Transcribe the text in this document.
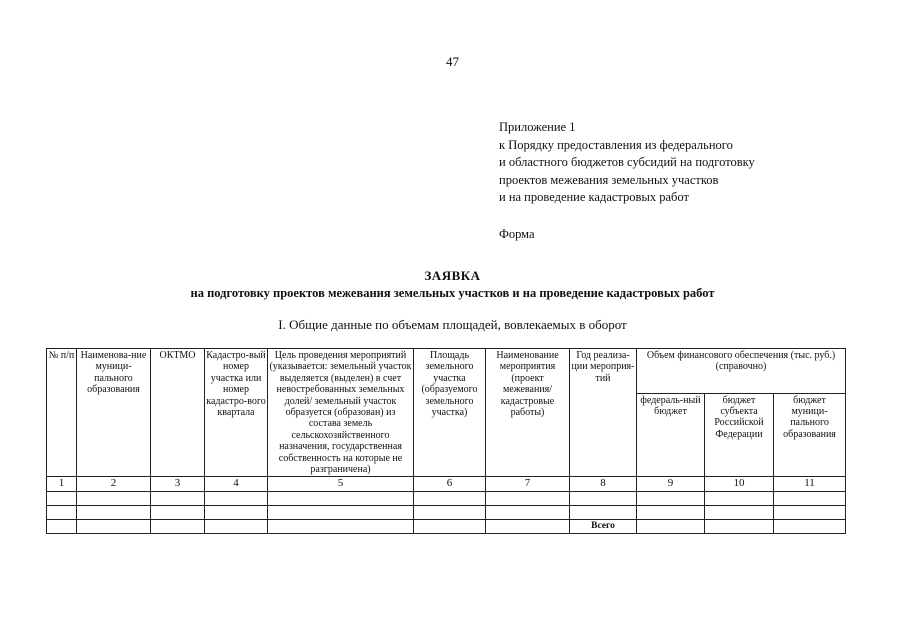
47
Приложение 1
к Порядку предоставления из федерального
и областного бюджетов субсидий на подготовку
проектов межевания земельных участков
и на проведение кадастровых работ
Форма
ЗАЯВКА
на подготовку проектов межевания земельных участков и на проведение кадастровых работ
I. Общие данные по объемам площадей, вовлекаемых в оборот
№ п/п	Наименова-ние муници-пального образования	ОКТМО	Кадастро-вый номер участка или номер кадастро-вого квартала	Цель проведения мероприятий (указывается: земельный участок выделяется (выделен) в счет невостребованных земельных долей/ земельный участок образуется (образован) из состава земель сельскохозяйственного назначения, государственная собственность на которые не разграничена)	Площадь земельного участка (образуемого земельного участка)	Наименование мероприятия (проект межевания/ кадастровые работы)	Год реализа-ции мероприя-тий	Объем финансового обеспечения (тыс. руб.) (справочно)		
								федераль-ный бюджет	бюджет субъекта Российской Федерации	бюджет муници-пального образования
1	2	3	4	5	6	7	8	9	10	11

							Всего			
